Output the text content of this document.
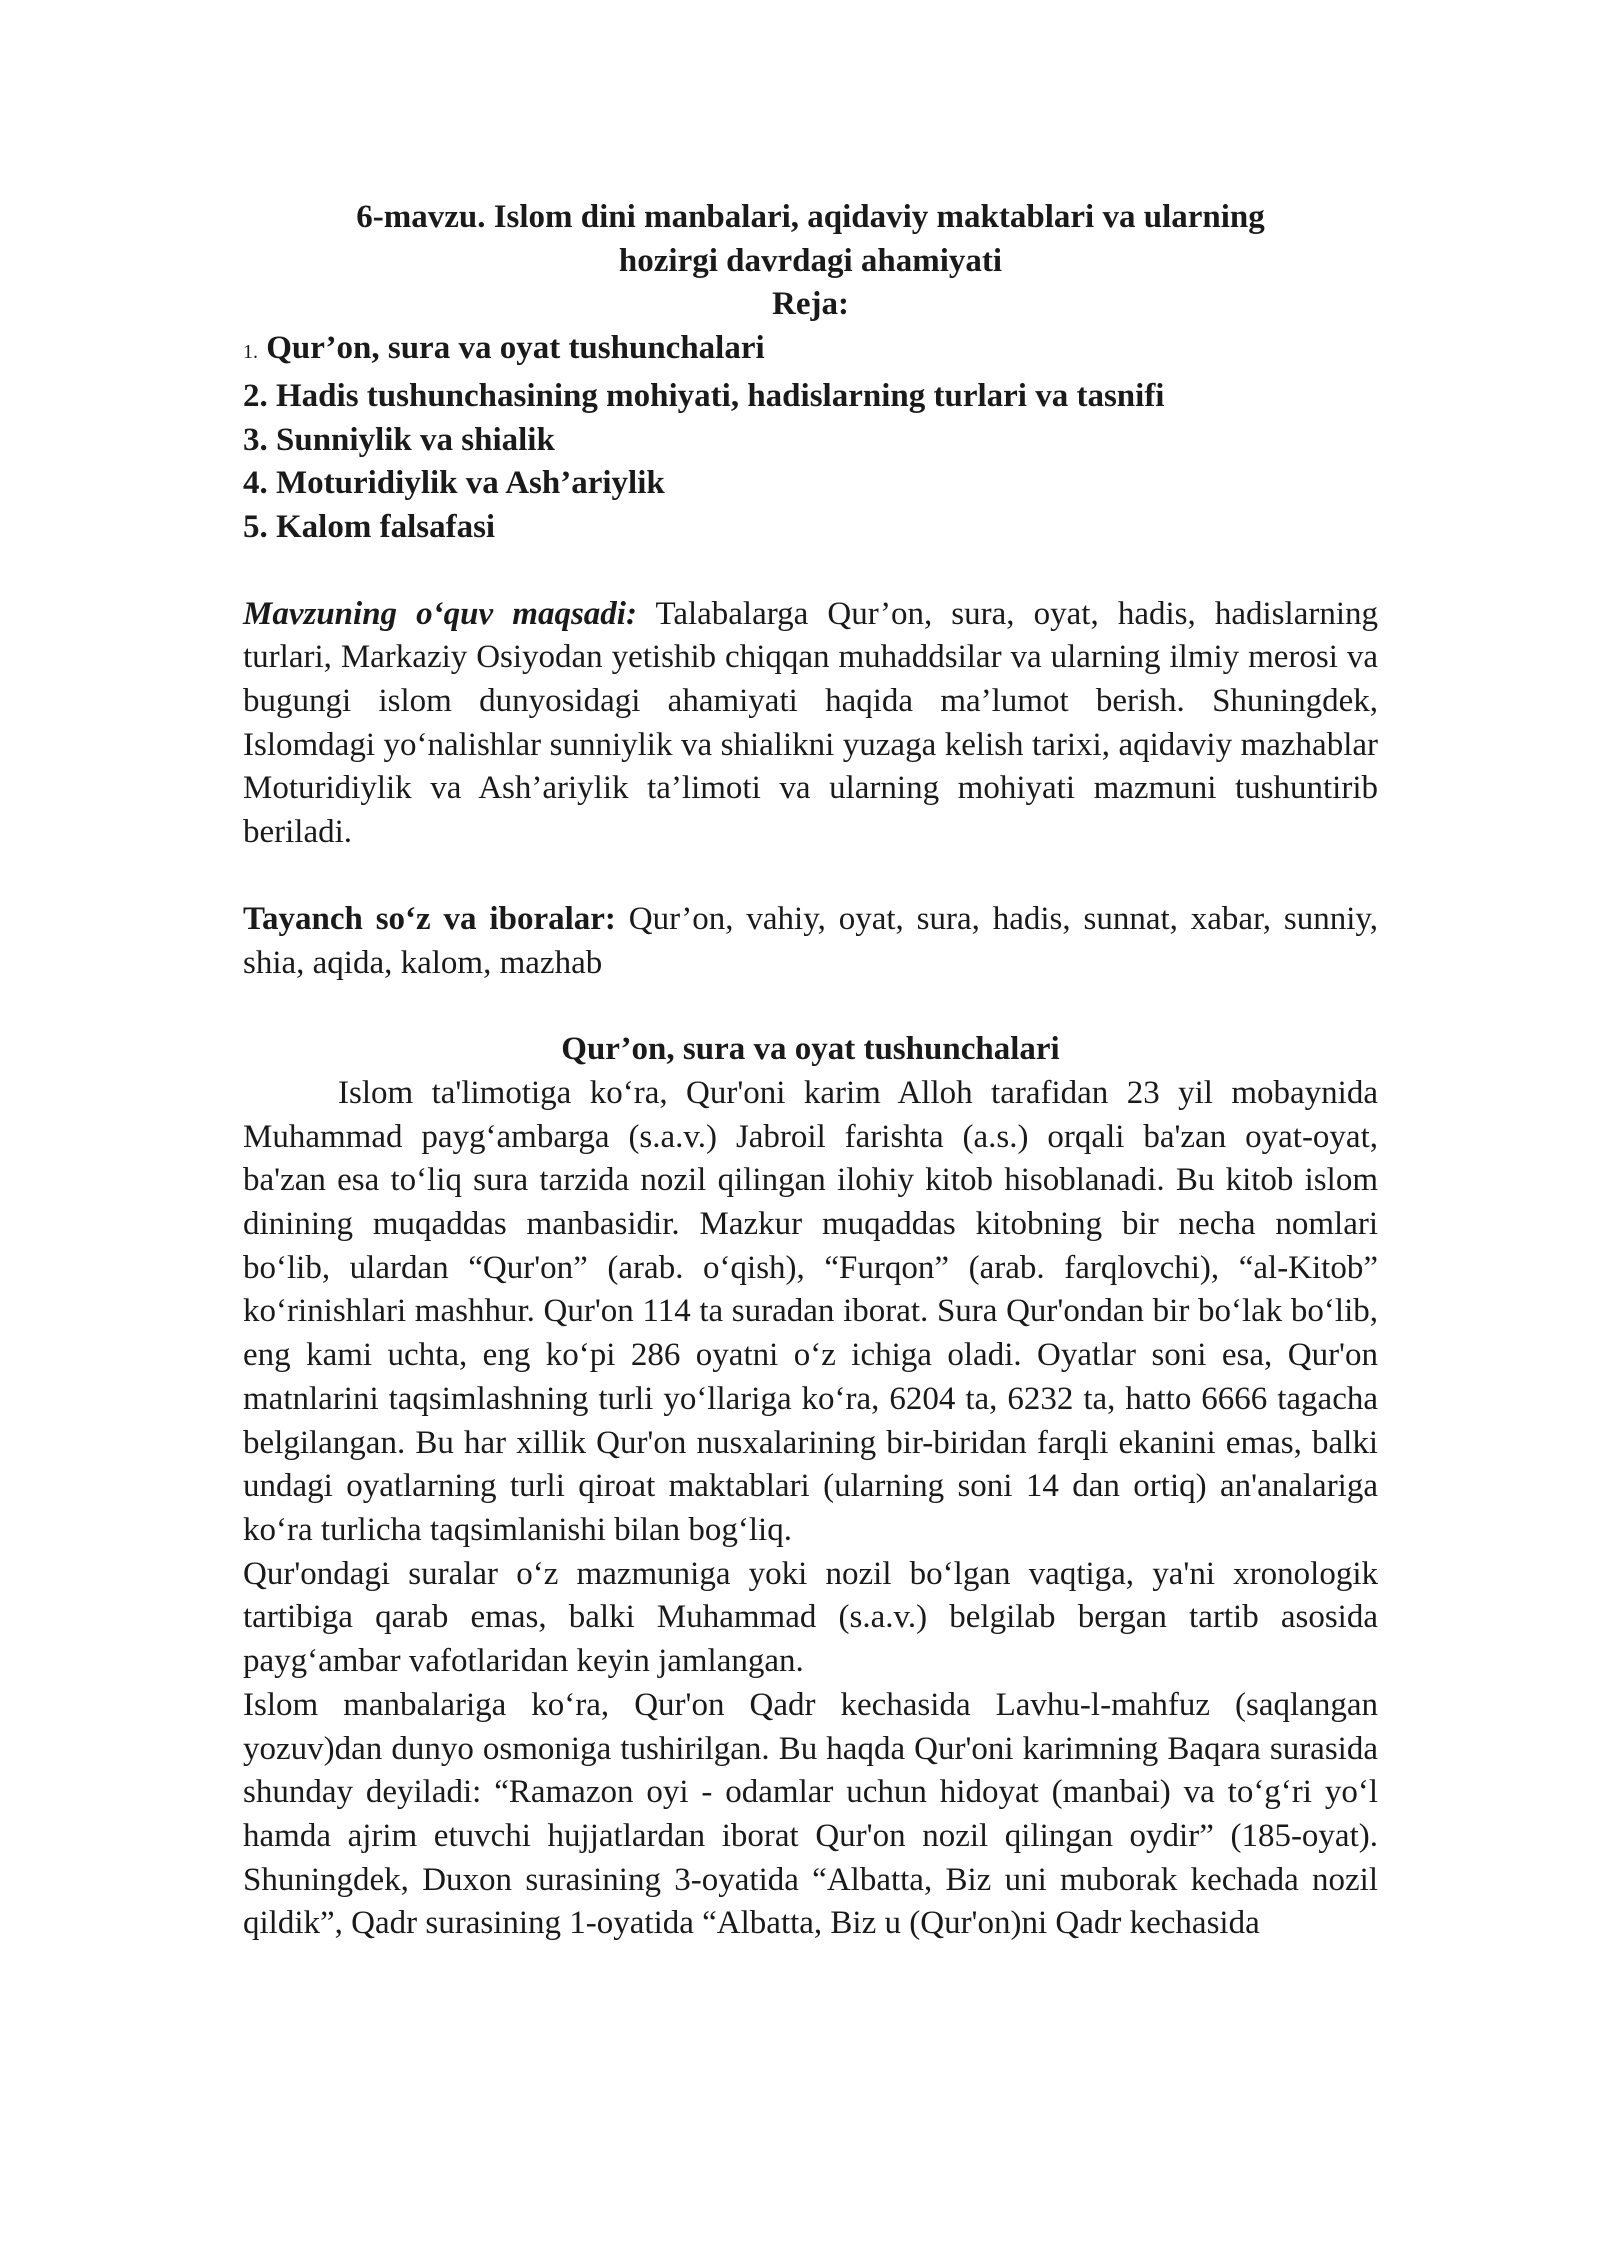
6-mavzu. Islom dini manbalari, aqidaviy maktablari va ularning

hozirgi davrdagi ahamiyati

Reja:

1. Qur’on, sura va oyat tushunchalari

2. Hadis tushunchasining mohiyati, hadislarning turlari va tasnifi

3. Sunniylik va shialik

4. Moturidiylik va Ash’ariylik

5. Kalom falsafasi

Mavzuning o‘quv maqsadi: Talabalarga Qur’on, sura, oyat, hadis, hadislarning turlari, Markaziy Osiyodan yetishib chiqqan muhaddsilar va ularning ilmiy merosi va bugungi islom dunyosidagi ahamiyati haqida ma’lumot berish. Shuningdek, Islomdagi yo‘nalishlar sunniylik va shialikni yuzaga kelish tarixi, aqidaviy mazhablar Moturidiylik va Ash’ariylik ta’limoti va ularning mohiyati mazmuni tushuntirib beriladi.

Tayanch so‘z va iboralar: Qur’on, vahiy, oyat, sura, hadis, sunnat, xabar, sunniy, shia, aqida, kalom, mazhab

Qur’on, sura va oyat tushunchalari

Islom ta'limotiga ko‘ra, Qur'oni karim Alloh tarafidan 23 yil mobaynida Muhammad payg‘ambarga (s.a.v.) Jabroil farishta (a.s.) orqali ba'zan oyat-oyat, ba'zan esa to‘liq sura tarzida nozil qilingan ilohiy kitob hisoblanadi. Bu kitob islom dinining muqaddas manbasidir. Mazkur muqaddas kitobning bir necha nomlari bo‘lib, ulardan “Qur'on” (arab. o‘qish), “Furqon” (arab. farqlovchi), “al-Kitob” ko‘rinishlari mashhur. Qur'on 114 ta suradan iborat. Sura Qur'ondan bir bo‘lak bo‘lib, eng kami uchta, eng ko‘pi 286 oyatni o‘z ichiga oladi. Oyatlar soni esa, Qur'on matnlarini taqsimlashning turli yo‘llariga ko‘ra, 6204 ta, 6232 ta, hatto 6666 tagacha belgilangan. Bu har xillik Qur'on nusxalarining bir-biridan farqli ekanini emas, balki undagi oyatlarning turli qiroat maktablari (ularning soni 14 dan ortiq) an'analariga ko‘ra turlicha taqsimlanishi bilan bog‘liq.

Qur'ondagi suralar o‘z mazmuniga yoki nozil bo‘lgan vaqtiga, ya'ni xronologik tartibiga qarab emas, balki Muhammad (s.a.v.) belgilab bergan tartib asosida payg‘ambar vafotlaridan keyin jamlangan.

Islom manbalariga ko‘ra, Qur'on Qadr kechasida Lavhu-l-mahfuz (saqlangan yozuv)dan dunyo osmoniga tushirilgan. Bu haqda Qur'oni karimning Baqara surasida shunday deyiladi: “Ramazon oyi - odamlar uchun hidoyat (manbai) va to‘g‘ri yo‘l hamda ajrim etuvchi hujjatlardan iborat Qur'on nozil qilingan oydir” (185-oyat). Shuningdek, Duxon surasining 3-oyatida “Albatta, Biz uni muborak kechada nozil qildik”, Qadr surasining 1-oyatida “Albatta, Biz u (Qur'on)ni Qadr kechasida
